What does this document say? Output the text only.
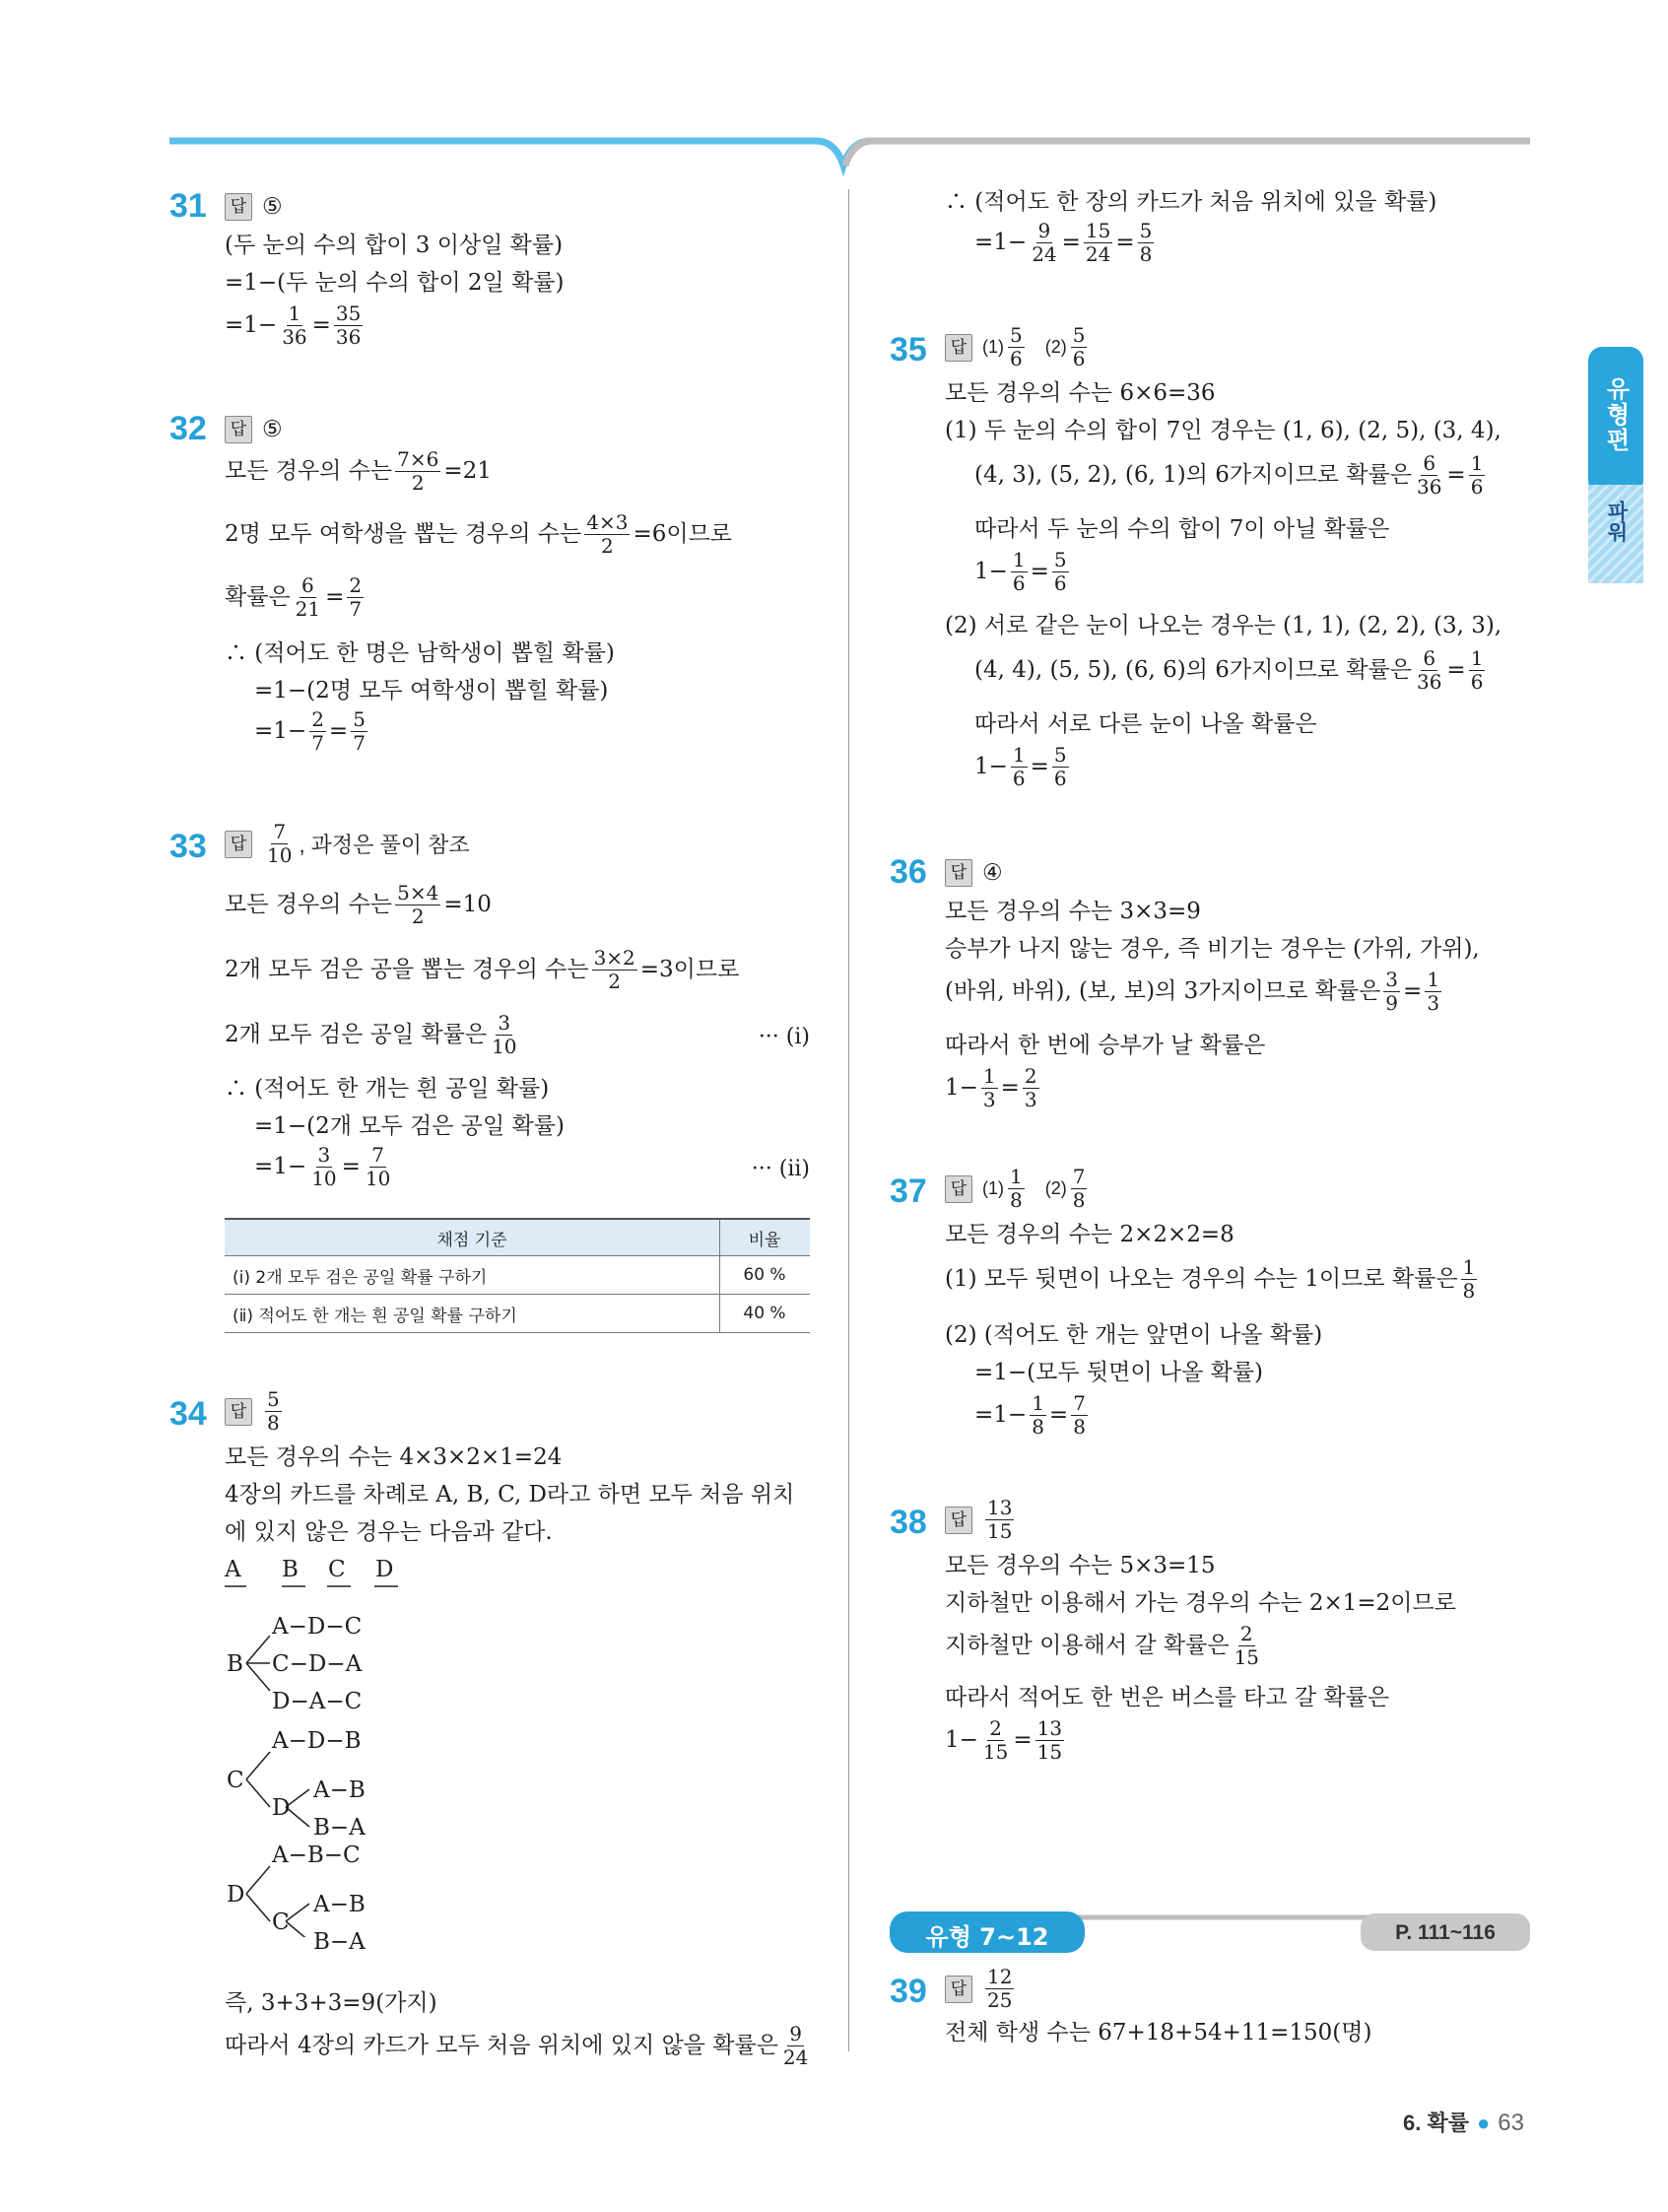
유형편
파워
31	답 ⑤
(두 눈의 수의 합이 3 이상일 확률)
=1−(두 눈의 수의 합이 2일 확률)
$=1- \frac{1}{36} = \frac{35}{36}$
32	답 ⑤
모든 경우의 수는 $\frac{7\times 6}{2} =21$
2명 모두 여학생을 뽑는 경우의 수는 $\frac{4\times 3}{2} =6$이므로
확률은 $\frac{6}{21} = \frac{2}{7}$
∴ (적어도 한 명은 남학생이 뽑힐 확률)
=1−(2명 모두 여학생이 뽑힐 확률)
$=1- \frac{2}{7} = \frac{5}{7}$
33	답 $\frac{7}{10}$ , 과정은 풀이 참조
모든 경우의 수는 $\frac{5\times 4}{2} =10$
2개 모두 검은 공을 뽑는 경우의 수는 $\frac{3\times 2}{2} =3$이므로
2개 모두 검은 공일 확률은 $\frac{3}{10}$	··· (ⅰ)
∴ (적어도 한 개는 흰 공일 확률)
=1−(2개 모두 검은 공일 확률)
$=1- \frac{3}{10} = \frac{7}{10}$	··· (ⅱ)
채점 기준	비율
(ⅰ) 2개 모두 검은 공일 확률 구하기	60 %
(ⅱ) 적어도 한 개는 흰 공일 확률 구하기	40 %
34	답 $\frac{5}{8}$
모든 경우의 수는 4×3×2×1=24
4장의 카드를 차례로 A, B, C, D라고 하면 모두 처음 위치
에 있지 않은 경우는 다음과 같다.
A B C D
B
A−D−C
C−D−A
D−A−C
C
A−D−B
D
A−B
B−A
D
A−B−C
C
A−B
B−A
즉, 3+3+3=9(가지)
따라서 4장의 카드가 모두 처음 위치에 있지 않을 확률은 $\frac{9}{24}$
∴ (적어도 한 장의 카드가 처음 위치에 있을 확률)
$=1- \frac{9}{24} = \frac{15}{24} = \frac{5}{8}$
35	답 $(1) \frac{5}{6} (2) \frac{5}{6}$
모든 경우의 수는 6×6=36
(1) 두 눈의 수의 합이 7인 경우는 (1, 6), (2, 5), (3, 4),
(4, 3), (5, 2), (6, 1)의 6가지이므로 확률은 $\frac{6}{36} = \frac{1}{6}$
따라서 두 눈의 수의 합이 7이 아닐 확률은
$1- \frac{1}{6} = \frac{5}{6}$
(2) 서로 같은 눈이 나오는 경우는 (1, 1), (2, 2), (3, 3),
(4, 4), (5, 5), (6, 6)의 6가지이므로 확률은 $\frac{6}{36} = \frac{1}{6}$
따라서 서로 다른 눈이 나올 확률은
$1- \frac{1}{6} = \frac{5}{6}$
36	답 ④
모든 경우의 수는 3×3=9
승부가 나지 않는 경우, 즉 비기는 경우는 (가위, 가위),
(바위, 바위), (보, 보)의 3가지이므로 확률은 $\frac{3}{9} = \frac{1}{3}$
따라서 한 번에 승부가 날 확률은
$1- \frac{1}{3} = \frac{2}{3}$
37	답 $(1) \frac{1}{8} (2) \frac{7}{8}$
모든 경우의 수는 2×2×2=8
(1) 모두 뒷면이 나오는 경우의 수는 1이므로 확률은 $\frac{1}{8}$
(2) (적어도 한 개는 앞면이 나올 확률)
=1−(모두 뒷면이 나올 확률)
$=1- \frac{1}{8} = \frac{7}{8}$
38	답 $\frac{13}{15}$
모든 경우의 수는 5×3=15
지하철만 이용해서 가는 경우의 수는 2×1=2이므로
지하철만 이용해서 갈 확률은 $\frac{2}{15}$
따라서 적어도 한 번은 버스를 타고 갈 확률은
$1- \frac{2}{15} = \frac{13}{15}$
39	답 $\frac{12}{25}$
전체 학생 수는 67+18+54+11=150(명)
유형 7~12	P. 111~116
6. 확률 ● 63
